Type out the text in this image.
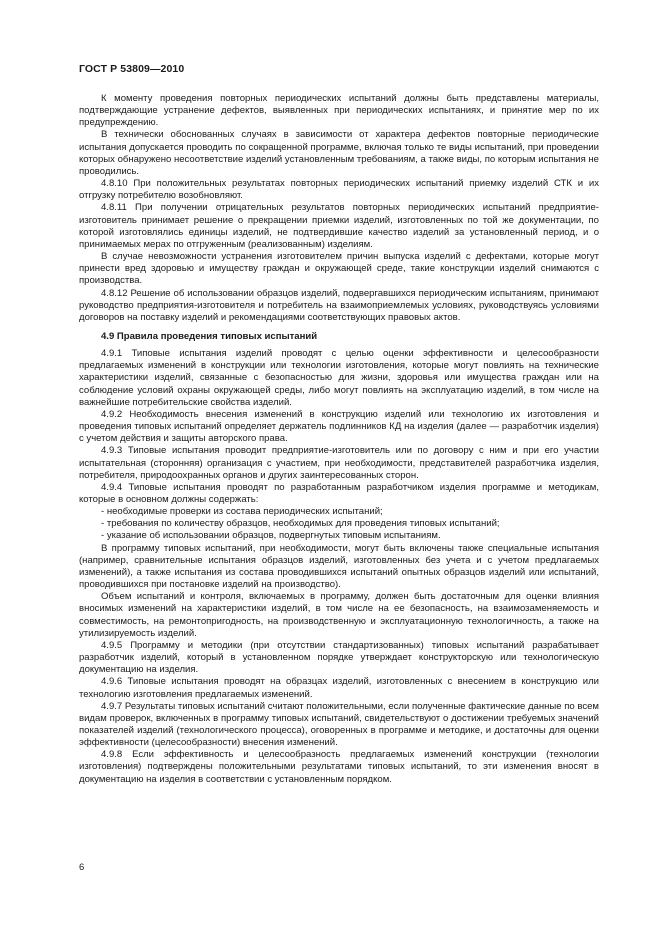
ГОСТ Р 53809—2010

К моменту проведения повторных периодических испытаний должны быть представлены материалы, подтверждающие устранение дефектов, выявленных при периодических испытаниях, и принятие мер по их предупреждению.

В технически обоснованных случаях в зависимости от характера дефектов повторные периодические испытания допускается проводить по сокращенной программе, включая только те виды испытаний, при проведении которых обнаружено несоответствие изделий установленным требованиям, а также виды, по которым испытания не проводились.

4.8.10 При положительных результатах повторных периодических испытаний приемку изделий СТК и их отгрузку потребителю возобновляют.

4.8.11 При получении отрицательных результатов повторных периодических испытаний предприятие-изготовитель принимает решение о прекращении приемки изделий, изготовленных по той же документации, по которой изготовлялись единицы изделий, не подтвердившие качество изделий за установленный период, и о принимаемых мерах по отгруженным (реализованным) изделиям.

В случае невозможности устранения изготовителем причин выпуска изделий с дефектами, которые могут принести вред здоровью и имуществу граждан и окружающей среде, такие конструкции изделий снимаются с производства.

4.8.12 Решение об использовании образцов изделий, подвергавшихся периодическим испытаниям, принимают руководство предприятия-изготовителя и потребитель на взаимоприемлемых условиях, руководствуясь условиями договоров на поставку изделий и рекомендациями соответствующих правовых актов.

4.9 Правила проведения типовых испытаний

4.9.1 Типовые испытания изделий проводят с целью оценки эффективности и целесообразности предлагаемых изменений в конструкции или технологии изготовления, которые могут повлиять на технические характеристики изделий, связанные с безопасностью для жизни, здоровья или имущества граждан или на соблюдение условий охраны окружающей среды, либо могут повлиять на эксплуатацию изделий, в том числе на важнейшие потребительские свойства изделий.

4.9.2 Необходимость внесения изменений в конструкцию изделий или технологию их изготовления и проведения типовых испытаний определяет держатель подлинников КД на изделия (далее — разработчик изделия) с учетом действия и защиты авторского права.

4.9.3 Типовые испытания проводит предприятие-изготовитель или по договору с ним и при его участии испытательная (сторонняя) организация с участием, при необходимости, представителей разработчика изделия, потребителя, природоохранных органов и других заинтересованных сторон.

4.9.4 Типовые испытания проводят по разработанным разработчиком изделия программе и методикам, которые в основном должны содержать:

- необходимые проверки из состава периодических испытаний;

- требования по количеству образцов, необходимых для проведения типовых испытаний;

- указание об использовании образцов, подвергнутых типовым испытаниям.

В программу типовых испытаний, при необходимости, могут быть включены также специальные испытания (например, сравнительные испытания образцов изделий, изготовленных без учета и с учетом предлагаемых изменений), а также испытания из состава проводившихся испытаний опытных образцов изделий или испытаний, проводившихся при постановке изделий на производство).

Объем испытаний и контроля, включаемых в программу, должен быть достаточным для оценки влияния вносимых изменений на характеристики изделий, в том числе на ее безопасность, на взаимозаменяемость и совместимость, на ремонтопригодность, на производственную и эксплуатационную технологичность, а также на утилизируемость изделий.

4.9.5 Программу и методики (при отсутствии стандартизованных) типовых испытаний разрабатывает разработчик изделий, который в установленном порядке утверждает конструкторскую или технологическую документацию на изделия.

4.9.6 Типовые испытания проводят на образцах изделий, изготовленных с внесением в конструкцию или технологию изготовления предлагаемых изменений.

4.9.7 Результаты типовых испытаний считают положительными, если полученные фактические данные по всем видам проверок, включенных в программу типовых испытаний, свидетельствуют о достижении требуемых значений показателей изделий (технологического процесса), оговоренных в программе и методике, и достаточны для оценки эффективности (целесообразности) внесения изменений.

4.9.8 Если эффективность и целесообразность предлагаемых изменений конструкции (технологии изготовления) подтверждены положительными результатами типовых испытаний, то эти изменения вносят в документацию на изделия в соответствии с установленным порядком.

6
